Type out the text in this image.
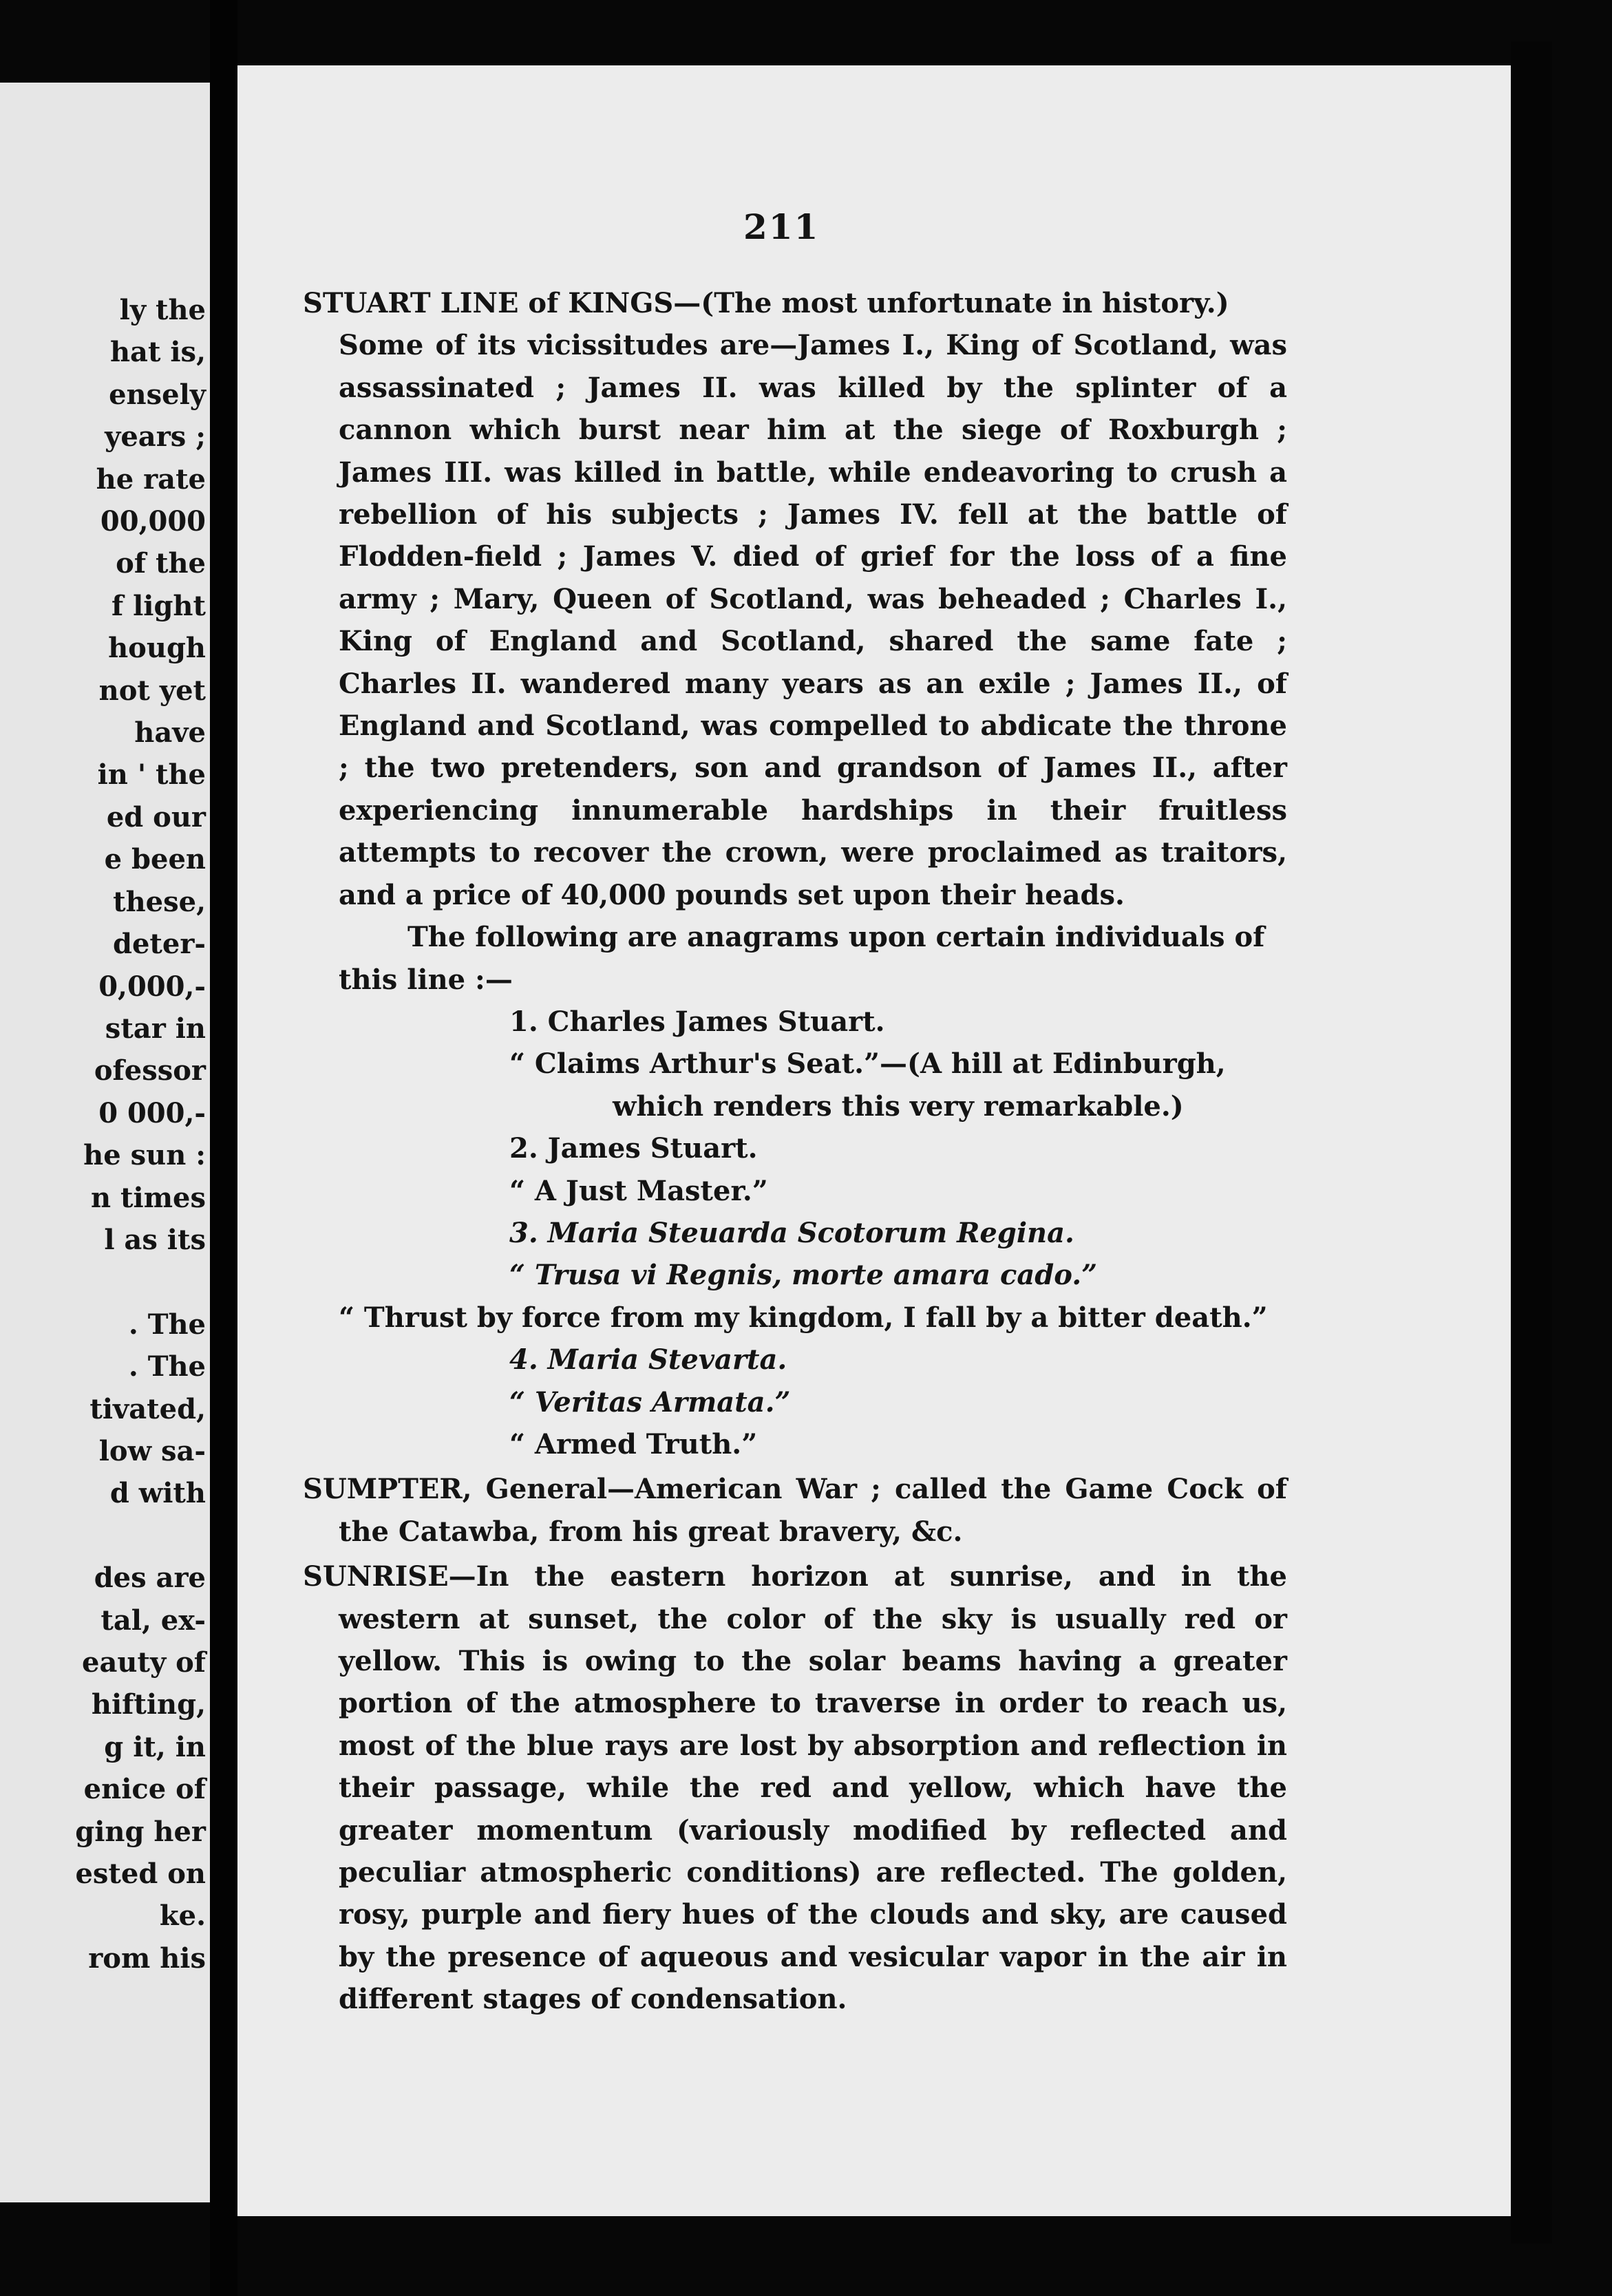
ly the
hat is,
ensely
years ;
he rate
00,000
of the
f light
hough
not yet
have
in ' the
ed our
e been
these,
deter-
0,000,-
star in
ofessor
0 000,-
he sun :
n times
l as its
. The
. The
tivated,
low sa-
d with
des are
tal, ex-
eauty of
hifting,
g it, in
enice of
ging her
ested on
ke.
rom his
211

STUART LINE of KINGS—(The most unfortunate in history.)

Some of its vicissitudes are—James I., King of Scotland, was assassinated ; James II. was killed by the splinter of a cannon which burst near him at the siege of Roxburgh ; James III. was killed in battle, while endeavoring to crush a rebellion of his subjects ; James IV. fell at the battle of Flodden-field ; James V. died of grief for the loss of a fine army ; Mary, Queen of Scotland, was beheaded ; Charles I., King of England and Scotland, shared the same fate ; Charles II. wandered many years as an exile ; James II., of England and Scotland, was compelled to abdicate the throne ; the two pretenders, son and grandson of James II., after experiencing innumerable hardships in their fruitless attempts to recover the crown, were proclaimed as traitors, and a price of 40,000 pounds set upon their heads.

The following are anagrams upon certain individuals of this line :—

1. Charles James Stuart.

“ Claims Arthur's Seat.”—(A hill at Edinburgh,

which renders this very remarkable.)

2. James Stuart.

“ A Just Master.”

3. Maria Steuarda Scotorum Regina.

“ Trusa vi Regnis, morte amara cado.”

“ Thrust by force from my kingdom, I fall by a bitter death.”

4. Maria Stevarta.

“ Veritas Armata.”

“ Armed Truth.”

SUMPTER, General—American War ; called the Game Cock of the Catawba, from his great bravery, &c.

SUNRISE—In the eastern horizon at sunrise, and in the western at sunset, the color of the sky is usually red or yellow. This is owing to the solar beams having a greater portion of the atmosphere to traverse in order to reach us, most of the blue rays are lost by absorption and reflection in their passage, while the red and yellow, which have the greater momentum (variously modified by reflected and peculiar atmospheric conditions) are reflected. The golden, rosy, purple and fiery hues of the clouds and sky, are caused by the presence of aqueous and vesicular vapor in the air in different stages of condensation.
